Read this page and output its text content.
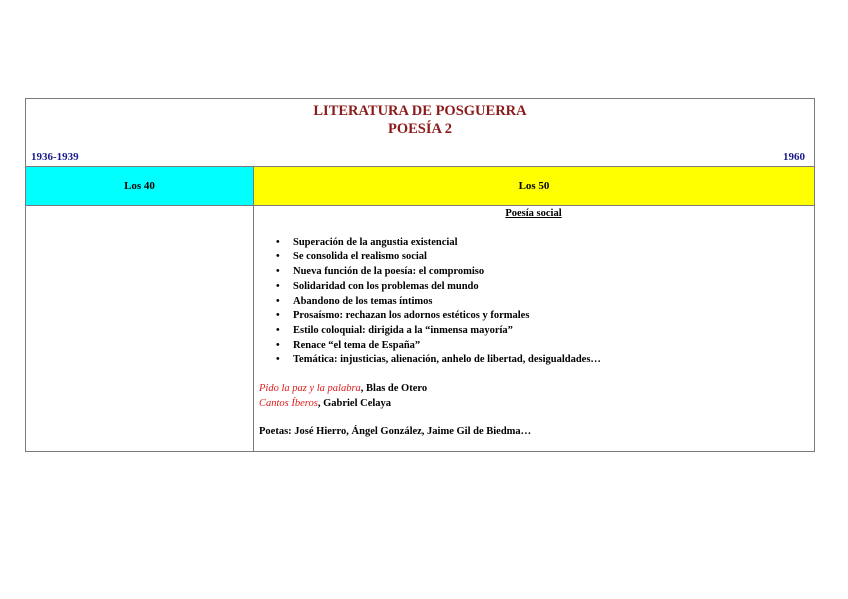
LITERATURA DE POSGUERRA
POESÍA 2
1936-1939	1960
Los 40	Los 50
Poesía social
• Superación de la angustia existencial
• Se consolida el realismo social
• Nueva función de la poesía: el compromiso
• Solidaridad con los problemas del mundo
• Abandono de los temas íntimos
• Prosaísmo: rechazan los adornos estéticos y formales
• Estilo coloquial: dirigida a la “inmensa mayoría”
• Renace “el tema de España”
• Temática: injusticias, alienación, anhelo de libertad, desigualdades…
Pido la paz y la palabra, Blas de Otero
Cantos Íberos, Gabriel Celaya
Poetas: José Hierro, Ángel González, Jaime Gil de Biedma…
